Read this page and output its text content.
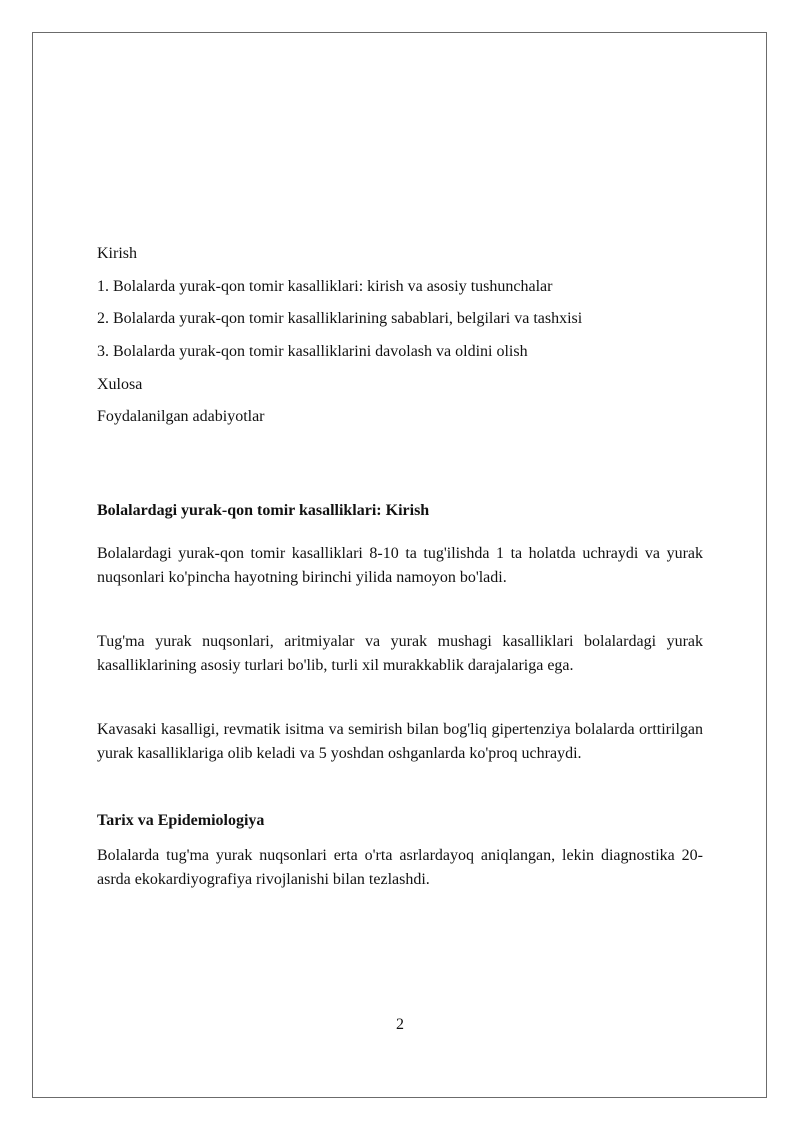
Kirish
1. Bolalarda yurak-qon tomir kasalliklari: kirish va asosiy tushunchalar
2. Bolalarda yurak-qon tomir kasalliklarining sabablari, belgilari va tashxisi
3. Bolalarda yurak-qon tomir kasalliklarini davolash va oldini olish
Xulosa
Foydalanilgan adabiyotlar

Bolalardagi yurak-qon tomir kasalliklari: Kirish

Bolalardagi yurak-qon tomir kasalliklari 8-10 ta tug'ilishda 1 ta holatda uchraydi va yurak nuqsonlari ko'pincha hayotning birinchi yilida namoyon bo'ladi.

Tug'ma yurak nuqsonlari, aritmiyalar va yurak mushagi kasalliklari bolalardagi yurak kasalliklarining asosiy turlari bo'lib, turli xil murakkablik darajalariga ega.

Kavasaki kasalligi, revmatik isitma va semirish bilan bog'liq gipertenziya bolalarda orttirilgan yurak kasalliklariga olib keladi va 5 yoshdan oshganlarda ko'proq uchraydi.

Tarix va Epidemiologiya

Bolalarda tug'ma yurak nuqsonlari erta o'rta asrlardayoq aniqlangan, lekin diagnostika 20-asrda ekokardiyografiya rivojlanishi bilan tezlashdi.

2
